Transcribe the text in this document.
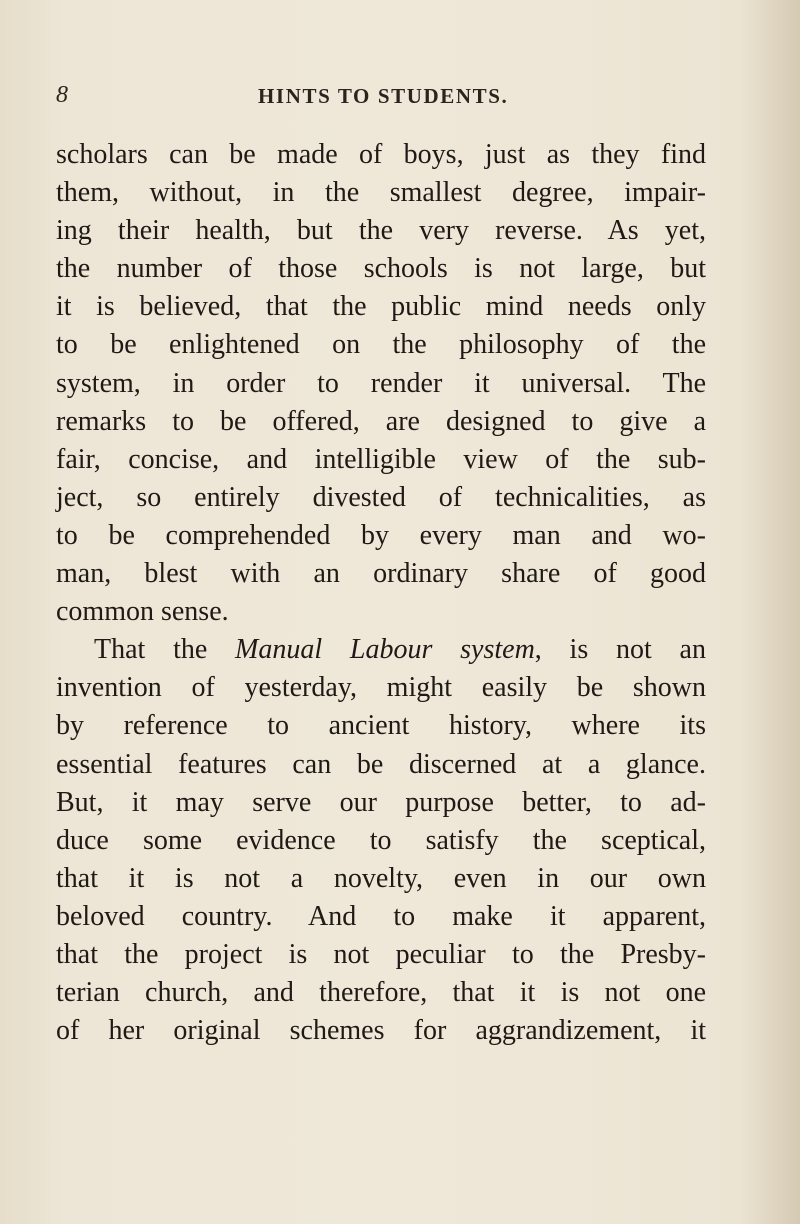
8	HINTS TO STUDENTS.
scholars can be made of boys, just as they find
them, without, in the smallest degree, impair-
ing their health, but the very reverse. As yet,
the number of those schools is not large, but
it is believed, that the public mind needs only
to be enlightened on the philosophy of the
system, in order to render it universal. The
remarks to be offered, are designed to give a
fair, concise, and intelligible view of the sub-
ject, so entirely divested of technicalities, as
to be comprehended by every man and wo-
man, blest with an ordinary share of good
common sense.
That the Manual Labour system, is not an
invention of yesterday, might easily be shown
by reference to ancient history, where its
essential features can be discerned at a glance.
But, it may serve our purpose better, to ad-
duce some evidence to satisfy the sceptical,
that it is not a novelty, even in our own
beloved country. And to make it apparent,
that the project is not peculiar to the Presby-
terian church, and therefore, that it is not one
of her original schemes for aggrandizement, it
